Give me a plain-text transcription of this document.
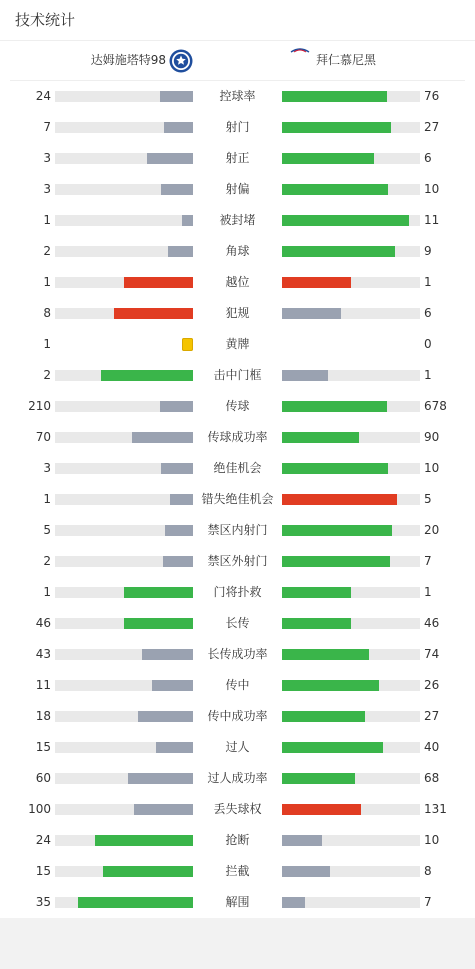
技术统计
达姆施塔特98	拜仁慕尼黑
24	控球率	76
7	射门	27
3	射正	6
3	射偏	10
1	被封堵	11
2	角球	9
1	越位	1
8	犯规	6
1	黄牌	0
2	击中门框	1
210	传球	678
70	传球成功率	90
3	绝佳机会	10
1	错失绝佳机会	5
5	禁区内射门	20
2	禁区外射门	7
1	门将扑救	1
46	长传	46
43	长传成功率	74
11	传中	26
18	传中成功率	27
15	过人	40
60	过人成功率	68
100	丢失球权	131
24	抢断	10
15	拦截	8
35	解围	7
